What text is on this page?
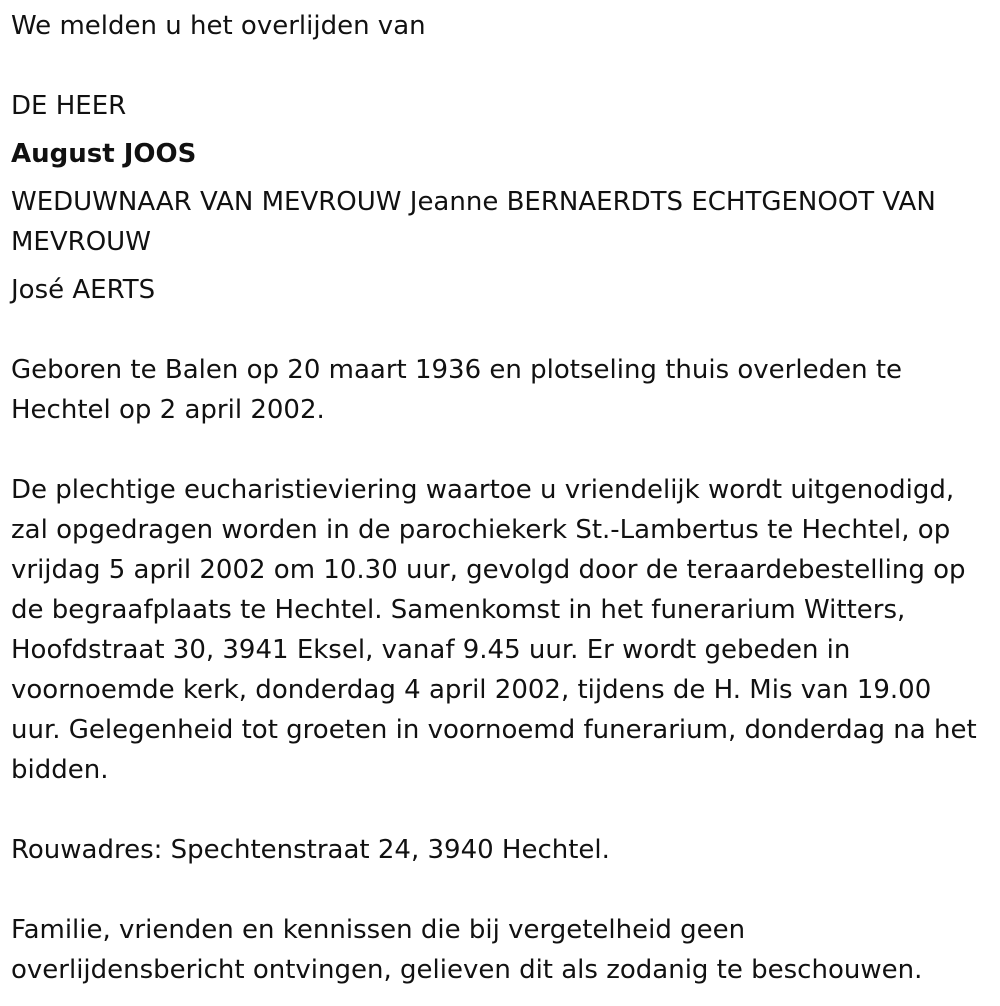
We melden u het overlijden van

DE HEER

August JOOS

WEDUWNAAR VAN MEVROUW Jeanne BERNAERDTS ECHTGENOOT VAN MEVROUW

José AERTS

Geboren te Balen op 20 maart 1936 en plotseling thuis overleden te Hechtel op 2 april 2002.

De plechtige eucharistieviering waartoe u vriendelijk wordt uitgenodigd, zal opgedragen worden in de parochiekerk St.-Lambertus te Hechtel, op vrijdag 5 april 2002 om 10.30 uur, gevolgd door de teraardebestelling op de begraafplaats te Hechtel. Samenkomst in het funerarium Witters, Hoofdstraat 30, 3941 Eksel, vanaf 9.45 uur. Er wordt gebeden in voornoemde kerk, donderdag 4 april 2002, tijdens de H. Mis van 19.00 uur. Gelegenheid tot groeten in voornoemd funerarium, donderdag na het bidden.

Rouwadres: Spechtenstraat 24, 3940 Hechtel.

Familie, vrienden en kennissen die bij vergetelheid geen overlijdensbericht ontvingen, gelieven dit als zodanig te beschouwen.
